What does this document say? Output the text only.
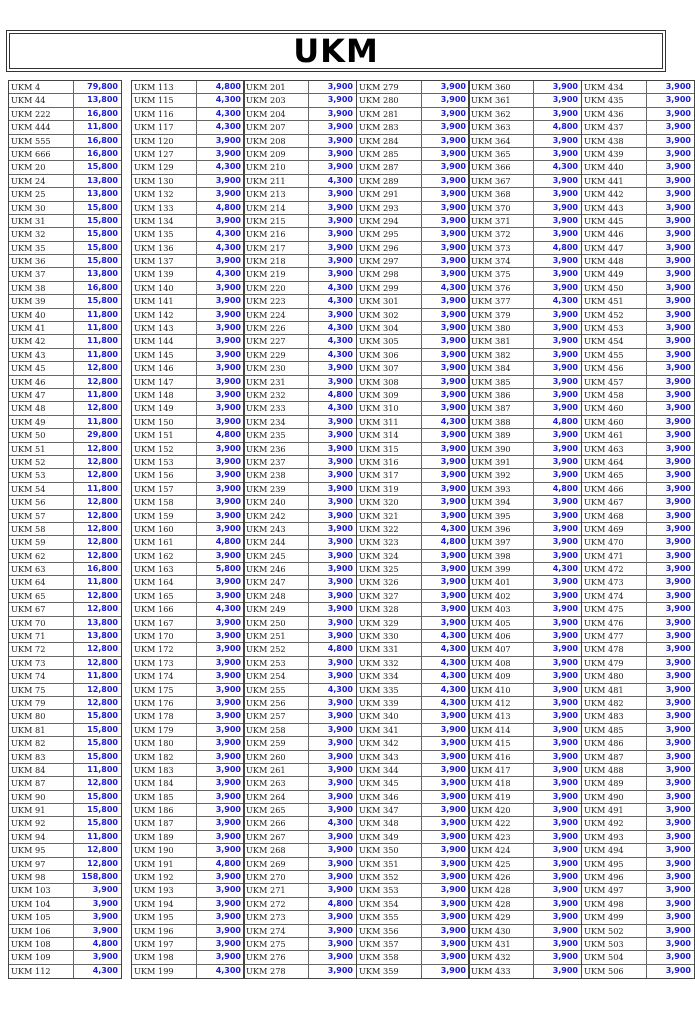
UKM
UKM 4	79,800
UKM 44	13,800
UKM 222	16,800
UKM 444	11,800
UKM 555	16,800
UKM 666	16,800
UKM 20	15,800
UKM 24	13,800
UKM 25	13,800
UKM 30	15,800
UKM 31	15,800
UKM 32	15,800
UKM 35	15,800
UKM 36	15,800
UKM 37	13,800
UKM 38	16,800
UKM 39	15,800
UKM 40	11,800
UKM 41	11,800
UKM 42	11,800
UKM 43	11,800
UKM 45	12,800
UKM 46	12,800
UKM 47	11,800
UKM 48	12,800
UKM 49	11,800
UKM 50	29,800
UKM 51	12,800
UKM 52	12,800
UKM 53	12,800
UKM 54	11,800
UKM 56	12,800
UKM 57	12,800
UKM 58	12,800
UKM 59	12,800
UKM 62	12,800
UKM 63	16,800
UKM 64	11,800
UKM 65	12,800
UKM 67	12,800
UKM 70	13,800
UKM 71	13,800
UKM 72	12,800
UKM 73	12,800
UKM 74	11,800
UKM 75	12,800
UKM 79	12,800
UKM 80	15,800
UKM 81	15,800
UKM 82	15,800
UKM 83	15,800
UKM 84	11,800
UKM 87	12,800
UKM 90	15,800
UKM 91	15,800
UKM 92	15,800
UKM 94	11,800
UKM 95	12,800
UKM 97	12,800
UKM 98	158,800
UKM 103	3,900
UKM 104	3,900
UKM 105	3,900
UKM 106	3,900
UKM 108	4,800
UKM 109	3,900
UKM 112	4,300
UKM 113	4,800
UKM 115	4,300
UKM 116	4,300
UKM 117	4,300
UKM 120	3,900
UKM 127	3,900
UKM 129	4,300
UKM 130	3,900
UKM 132	3,900
UKM 133	4,800
UKM 134	3,900
UKM 135	4,300
UKM 136	4,300
UKM 137	3,900
UKM 139	4,300
UKM 140	3,900
UKM 141	3,900
UKM 142	3,900
UKM 143	3,900
UKM 144	3,900
UKM 145	3,900
UKM 146	3,900
UKM 147	3,900
UKM 148	3,900
UKM 149	3,900
UKM 150	3,900
UKM 151	4,800
UKM 152	3,900
UKM 153	3,900
UKM 156	3,900
UKM 157	3,900
UKM 158	3,900
UKM 159	3,900
UKM 160	3,900
UKM 161	4,800
UKM 162	3,900
UKM 163	5,800
UKM 164	3,900
UKM 165	3,900
UKM 166	4,300
UKM 167	3,900
UKM 170	3,900
UKM 172	3,900
UKM 173	3,900
UKM 174	3,900
UKM 175	3,900
UKM 176	3,900
UKM 178	3,900
UKM 179	3,900
UKM 180	3,900
UKM 182	3,900
UKM 183	3,900
UKM 184	3,900
UKM 185	3,900
UKM 186	3,900
UKM 187	3,900
UKM 189	3,900
UKM 190	3,900
UKM 191	4,800
UKM 192	3,900
UKM 193	3,900
UKM 194	3,900
UKM 195	3,900
UKM 196	3,900
UKM 197	3,900
UKM 198	3,900
UKM 199	4,300
UKM 201	3,900
UKM 203	3,900
UKM 204	3,900
UKM 207	3,900
UKM 208	3,900
UKM 209	3,900
UKM 210	3,900
UKM 211	4,300
UKM 213	3,900
UKM 214	3,900
UKM 215	3,900
UKM 216	3,900
UKM 217	3,900
UKM 218	3,900
UKM 219	3,900
UKM 220	4,300
UKM 223	4,300
UKM 224	3,900
UKM 226	4,300
UKM 227	4,300
UKM 229	4,300
UKM 230	3,900
UKM 231	3,900
UKM 232	4,800
UKM 233	4,300
UKM 234	3,900
UKM 235	3,900
UKM 236	3,900
UKM 237	3,900
UKM 238	3,900
UKM 239	3,900
UKM 240	3,900
UKM 242	3,900
UKM 243	3,900
UKM 244	3,900
UKM 245	3,900
UKM 246	3,900
UKM 247	3,900
UKM 248	3,900
UKM 249	3,900
UKM 250	3,900
UKM 251	3,900
UKM 252	4,800
UKM 253	3,900
UKM 254	3,900
UKM 255	4,300
UKM 256	3,900
UKM 257	3,900
UKM 258	3,900
UKM 259	3,900
UKM 260	3,900
UKM 261	3,900
UKM 263	3,900
UKM 264	3,900
UKM 265	3,900
UKM 266	4,300
UKM 267	3,900
UKM 268	3,900
UKM 269	3,900
UKM 270	3,900
UKM 271	3,900
UKM 272	4,800
UKM 273	3,900
UKM 274	3,900
UKM 275	3,900
UKM 276	3,900
UKM 278	3,900
UKM 279	3,900
UKM 280	3,900
UKM 281	3,900
UKM 283	3,900
UKM 284	3,900
UKM 285	3,900
UKM 287	3,900
UKM 289	3,900
UKM 291	3,900
UKM 293	3,900
UKM 294	3,900
UKM 295	3,900
UKM 296	3,900
UKM 297	3,900
UKM 298	3,900
UKM 299	4,300
UKM 301	3,900
UKM 302	3,900
UKM 304	3,900
UKM 305	3,900
UKM 306	3,900
UKM 307	3,900
UKM 308	3,900
UKM 309	3,900
UKM 310	3,900
UKM 311	4,300
UKM 314	3,900
UKM 315	3,900
UKM 316	3,900
UKM 317	3,900
UKM 319	3,900
UKM 320	3,900
UKM 321	3,900
UKM 322	4,300
UKM 323	4,800
UKM 324	3,900
UKM 325	3,900
UKM 326	3,900
UKM 327	3,900
UKM 328	3,900
UKM 329	3,900
UKM 330	4,300
UKM 331	4,300
UKM 332	4,300
UKM 334	4,300
UKM 335	4,300
UKM 339	4,300
UKM 340	3,900
UKM 341	3,900
UKM 342	3,900
UKM 343	3,900
UKM 344	3,900
UKM 345	3,900
UKM 346	3,900
UKM 347	3,900
UKM 348	3,900
UKM 349	3,900
UKM 350	3,900
UKM 351	3,900
UKM 352	3,900
UKM 353	3,900
UKM 354	3,900
UKM 355	3,900
UKM 356	3,900
UKM 357	3,900
UKM 358	3,900
UKM 359	3,900
UKM 360	3,900
UKM 361	3,900
UKM 362	3,900
UKM 363	4,800
UKM 364	3,900
UKM 365	3,900
UKM 366	4,300
UKM 367	3,900
UKM 368	3,900
UKM 370	3,900
UKM 371	3,900
UKM 372	3,900
UKM 373	4,800
UKM 374	3,900
UKM 375	3,900
UKM 376	3,900
UKM 377	4,300
UKM 379	3,900
UKM 380	3,900
UKM 381	3,900
UKM 382	3,900
UKM 384	3,900
UKM 385	3,900
UKM 386	3,900
UKM 387	3,900
UKM 388	4,800
UKM 389	3,900
UKM 390	3,900
UKM 391	3,900
UKM 392	3,900
UKM 393	4,800
UKM 394	3,900
UKM 395	3,900
UKM 396	3,900
UKM 397	3,900
UKM 398	3,900
UKM 399	4,300
UKM 401	3,900
UKM 402	3,900
UKM 403	3,900
UKM 405	3,900
UKM 406	3,900
UKM 407	3,900
UKM 408	3,900
UKM 409	3,900
UKM 410	3,900
UKM 412	3,900
UKM 413	3,900
UKM 414	3,900
UKM 415	3,900
UKM 416	3,900
UKM 417	3,900
UKM 418	3,900
UKM 419	3,900
UKM 420	3,900
UKM 422	3,900
UKM 423	3,900
UKM 424	3,900
UKM 425	3,900
UKM 426	3,900
UKM 428	3,900
UKM 428	3,900
UKM 429	3,900
UKM 430	3,900
UKM 431	3,900
UKM 432	3,900
UKM 433	3,900
UKM 434	3,900
UKM 435	3,900
UKM 436	3,900
UKM 437	3,900
UKM 438	3,900
UKM 439	3,900
UKM 440	3,900
UKM 441	3,900
UKM 442	3,900
UKM 443	3,900
UKM 445	3,900
UKM 446	3,900
UKM 447	3,900
UKM 448	3,900
UKM 449	3,900
UKM 450	3,900
UKM 451	3,900
UKM 452	3,900
UKM 453	3,900
UKM 454	3,900
UKM 455	3,900
UKM 456	3,900
UKM 457	3,900
UKM 458	3,900
UKM 460	3,900
UKM 460	3,900
UKM 461	3,900
UKM 463	3,900
UKM 464	3,900
UKM 465	3,900
UKM 466	3,900
UKM 467	3,900
UKM 468	3,900
UKM 469	3,900
UKM 470	3,900
UKM 471	3,900
UKM 472	3,900
UKM 473	3,900
UKM 474	3,900
UKM 475	3,900
UKM 476	3,900
UKM 477	3,900
UKM 478	3,900
UKM 479	3,900
UKM 480	3,900
UKM 481	3,900
UKM 482	3,900
UKM 483	3,900
UKM 485	3,900
UKM 486	3,900
UKM 487	3,900
UKM 488	3,900
UKM 489	3,900
UKM 490	3,900
UKM 491	3,900
UKM 492	3,900
UKM 493	3,900
UKM 494	3,900
UKM 495	3,900
UKM 496	3,900
UKM 497	3,900
UKM 498	3,900
UKM 499	3,900
UKM 502	3,900
UKM 503	3,900
UKM 504	3,900
UKM 506	3,900
